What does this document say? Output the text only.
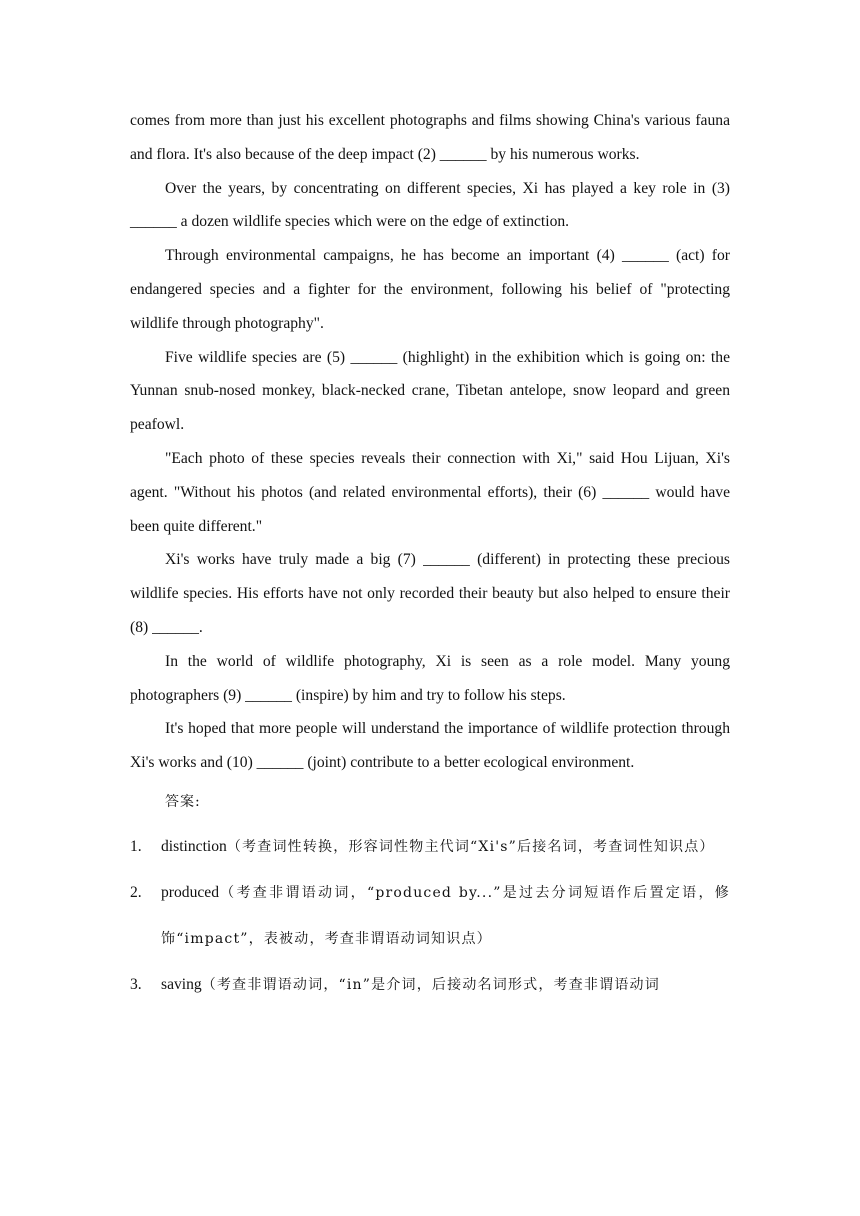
comes from more than just his excellent photographs and films showing China's various fauna and flora. It's also because of the deep impact (2) ______ by his numerous works.

Over the years, by concentrating on different species, Xi has played a key role in (3) ______ a dozen wildlife species which were on the edge of extinction.

Through environmental campaigns, he has become an important (4) ______ (act) for endangered species and a fighter for the environment, following his belief of "protecting wildlife through photography".

Five wildlife species are (5) ______ (highlight) in the exhibition which is going on: the Yunnan snub-nosed monkey, black-necked crane, Tibetan antelope, snow leopard and green peafowl.

"Each photo of these species reveals their connection with Xi," said Hou Lijuan, Xi's agent. "Without his photos (and related environmental efforts), their (6) ______ would have been quite different."

Xi's works have truly made a big (7) ______ (different) in protecting these precious wildlife species. His efforts have not only recorded their beauty but also helped to ensure their (8) ______.

In the world of wildlife photography, Xi is seen as a role model. Many young photographers (9) ______ (inspire) by him and try to follow his steps.

It's hoped that more people will understand the importance of wildlife protection through Xi's works and (10) ______ (joint) contribute to a better ecological environment.

答案:

1. distinction（考查词性转换，形容词性物主代词“Xi's”后接名词，考查词性知识点）
2. produced（考查非谓语动词，“produced by...”是过去分词短语作后置定语，修饰“impact”，表被动，考查非谓语动词知识点）
3. saving（考查非谓语动词，“in”是介词，后接动名词形式，考查非谓语动词
